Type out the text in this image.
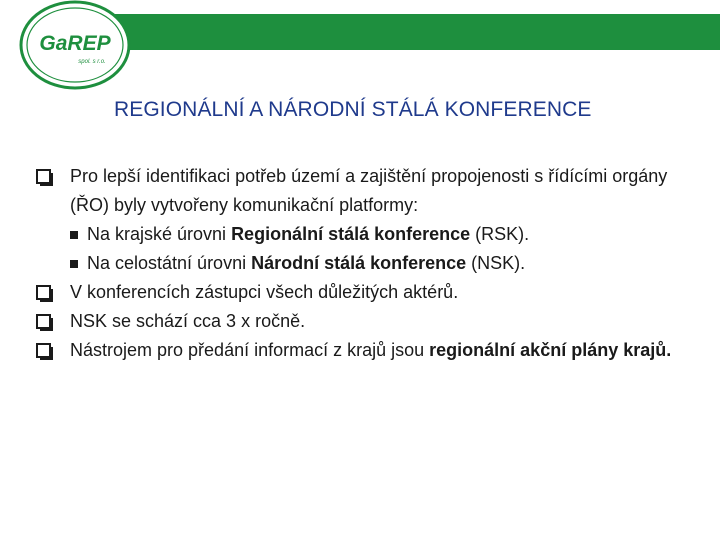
GaREP
spol. s r.o.
REGIONÁLNÍ A NÁRODNÍ STÁLÁ KONFERENCE
Pro lepší identifikaci potřeb území a zajištění propojenosti s řídícími orgány (ŘO) byly vytvořeny komunikační platformy:
Na krajské úrovni Regionální stálá konference (RSK).
Na celostátní úrovni Národní stálá konference (NSK).
V konferencích zástupci všech důležitých aktérů.
NSK se schází cca 3 x ročně.
Nástrojem pro předání informací z krajů jsou regionální akční plány krajů.
